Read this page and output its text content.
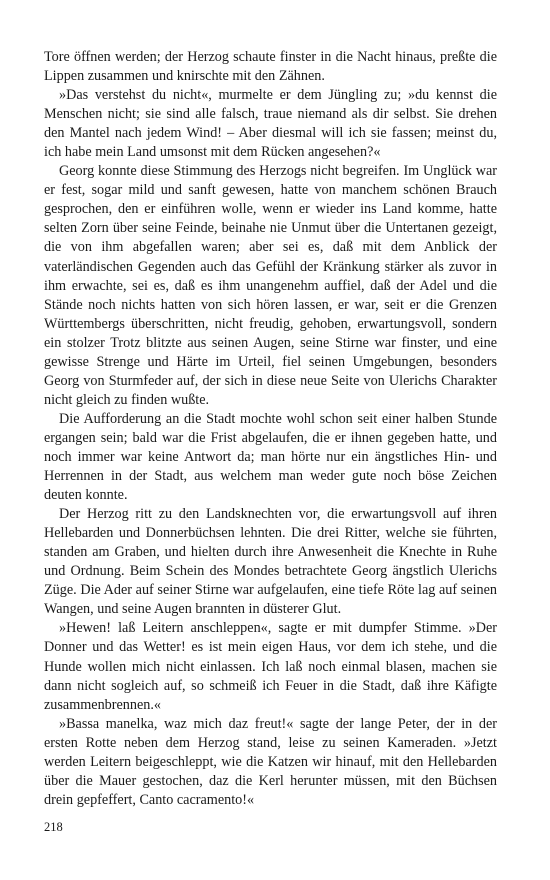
Tore öffnen werden; der Herzog schaute finster in die Nacht hinaus, preßte die Lippen zusammen und knirschte mit den Zähnen.

»Das verstehst du nicht«, murmelte er dem Jüngling zu; »du kennst die Menschen nicht; sie sind alle falsch, traue niemand als dir selbst. Sie drehen den Mantel nach jedem Wind! – Aber diesmal will ich sie fassen; meinst du, ich habe mein Land umsonst mit dem Rücken angesehen?«

Georg konnte diese Stimmung des Herzogs nicht begreifen. Im Unglück war er fest, sogar mild und sanft gewesen, hatte von manchem schönen Brauch gesprochen, den er einführen wolle, wenn er wieder ins Land komme, hatte selten Zorn über seine Feinde, beinahe nie Unmut über die Untertanen gezeigt, die von ihm abgefallen waren; aber sei es, daß mit dem Anblick der vaterländischen Gegenden auch das Gefühl der Kränkung stärker als zuvor in ihm erwachte, sei es, daß es ihm unangenehm auffiel, daß der Adel und die Stände noch nichts hatten von sich hören lassen, er war, seit er die Grenzen Württembergs überschritten, nicht freudig, gehoben, erwartungsvoll, sondern ein stolzer Trotz blitzte aus seinen Augen, seine Stirne war finster, und eine gewisse Strenge und Härte im Urteil, fiel seinen Umgebungen, besonders Georg von Sturmfeder auf, der sich in diese neue Seite von Ulerichs Charakter nicht gleich zu finden wußte.

Die Aufforderung an die Stadt mochte wohl schon seit einer halben Stunde ergangen sein; bald war die Frist abgelaufen, die er ihnen gegeben hatte, und noch immer war keine Antwort da; man hörte nur ein ängstliches Hin- und Herrennen in der Stadt, aus welchem man weder gute noch böse Zeichen deuten konnte.

Der Herzog ritt zu den Landsknechten vor, die erwartungsvoll auf ihren Hellebarden und Donnerbüchsen lehnten. Die drei Ritter, welche sie führten, standen am Graben, und hielten durch ihre Anwesenheit die Knechte in Ruhe und Ordnung. Beim Schein des Mondes betrachtete Georg ängstlich Ulerichs Züge. Die Ader auf seiner Stirne war aufgelaufen, eine tiefe Röte lag auf seinen Wangen, und seine Augen brannten in düsterer Glut.

»Hewen! laß Leitern anschleppen«, sagte er mit dumpfer Stimme. »Der Donner und das Wetter! es ist mein eigen Haus, vor dem ich stehe, und die Hunde wollen mich nicht einlassen. Ich laß noch einmal blasen, machen sie dann nicht sogleich auf, so schmeiß ich Feuer in die Stadt, daß ihre Käfigte zusammenbrennen.«

»Bassa manelka, waz mich daz freut!« sagte der lange Peter, der in der ersten Rotte neben dem Herzog stand, leise zu seinen Kameraden. »Jetzt werden Leitern beigeschleppt, wie die Katzen wir hinauf, mit den Hellebarden über die Mauer gestochen, daz die Kerl herunter müssen, mit den Büchsen drein gepfeffert, Canto cacramento!«

218
